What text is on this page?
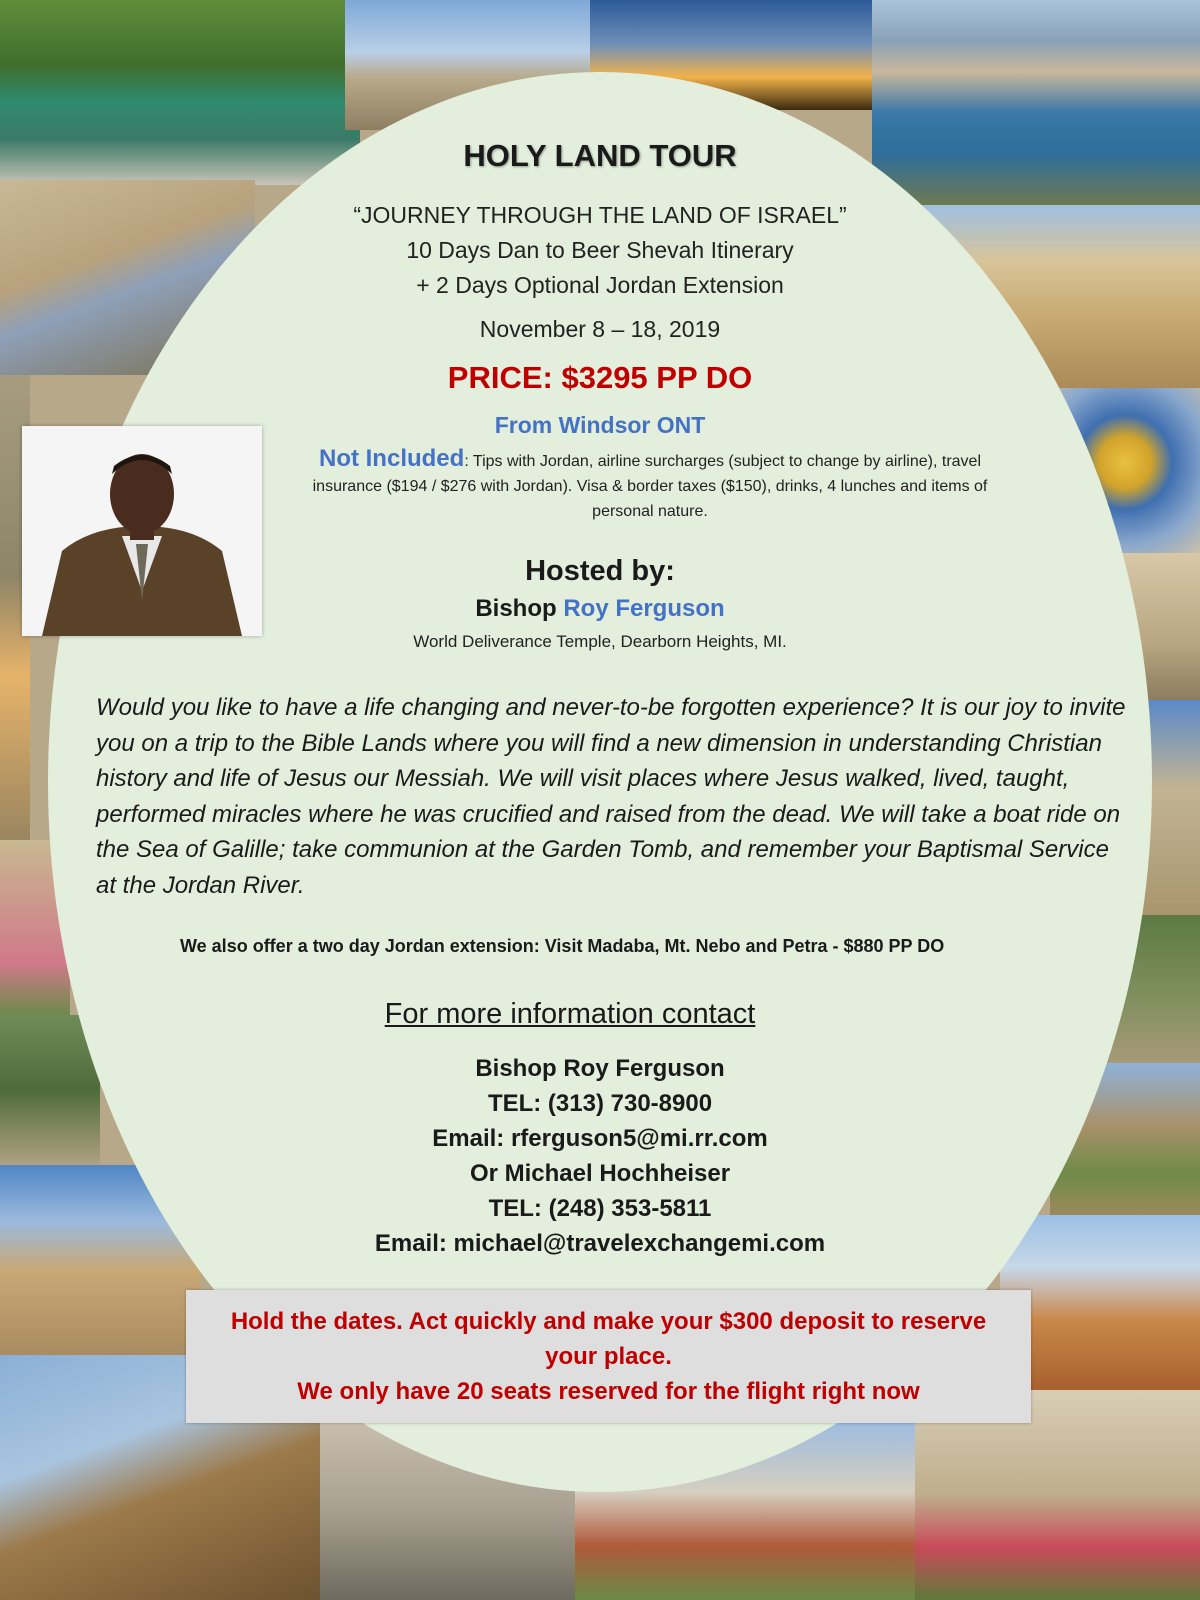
HOLY LAND TOUR
“JOURNEY THROUGH THE LAND OF ISRAEL”
10 Days Dan to Beer Shevah Itinerary
+ 2 Days Optional Jordan Extension
November 8 – 18, 2019
PRICE: $3295 PP DO
From Windsor ONT
Not Included: Tips with Jordan, airline surcharges (subject to change by airline), travel insurance ($194 / $276 with Jordan). Visa & border taxes ($150), drinks, 4 lunches and items of personal nature.
Hosted by:
Bishop Roy Ferguson
World Deliverance Temple, Dearborn Heights, MI.
Would you like to have a life changing and never-to-be forgotten experience? It is our joy to invite you on a trip to the Bible Lands where you will find a new dimension in understanding Christian history and life of Jesus our Messiah. We will visit places where Jesus walked, lived, taught, performed miracles where he was crucified and raised from the dead. We will take a boat ride on the Sea of Galille; take communion at the Garden Tomb, and remember your Baptismal Service at the Jordan River.
We also offer a two day Jordan extension: Visit Madaba, Mt. Nebo and Petra - $880 PP DO
For more information contact
Bishop Roy Ferguson
TEL: (313) 730-8900
Email: rferguson5@mi.rr.com
Or Michael Hochheiser
TEL: (248) 353-5811
Email: michael@travelexchangemi.com
Hold the dates. Act quickly and make your $300 deposit to reserve
your place.
We only have 20 seats reserved for the flight right now
